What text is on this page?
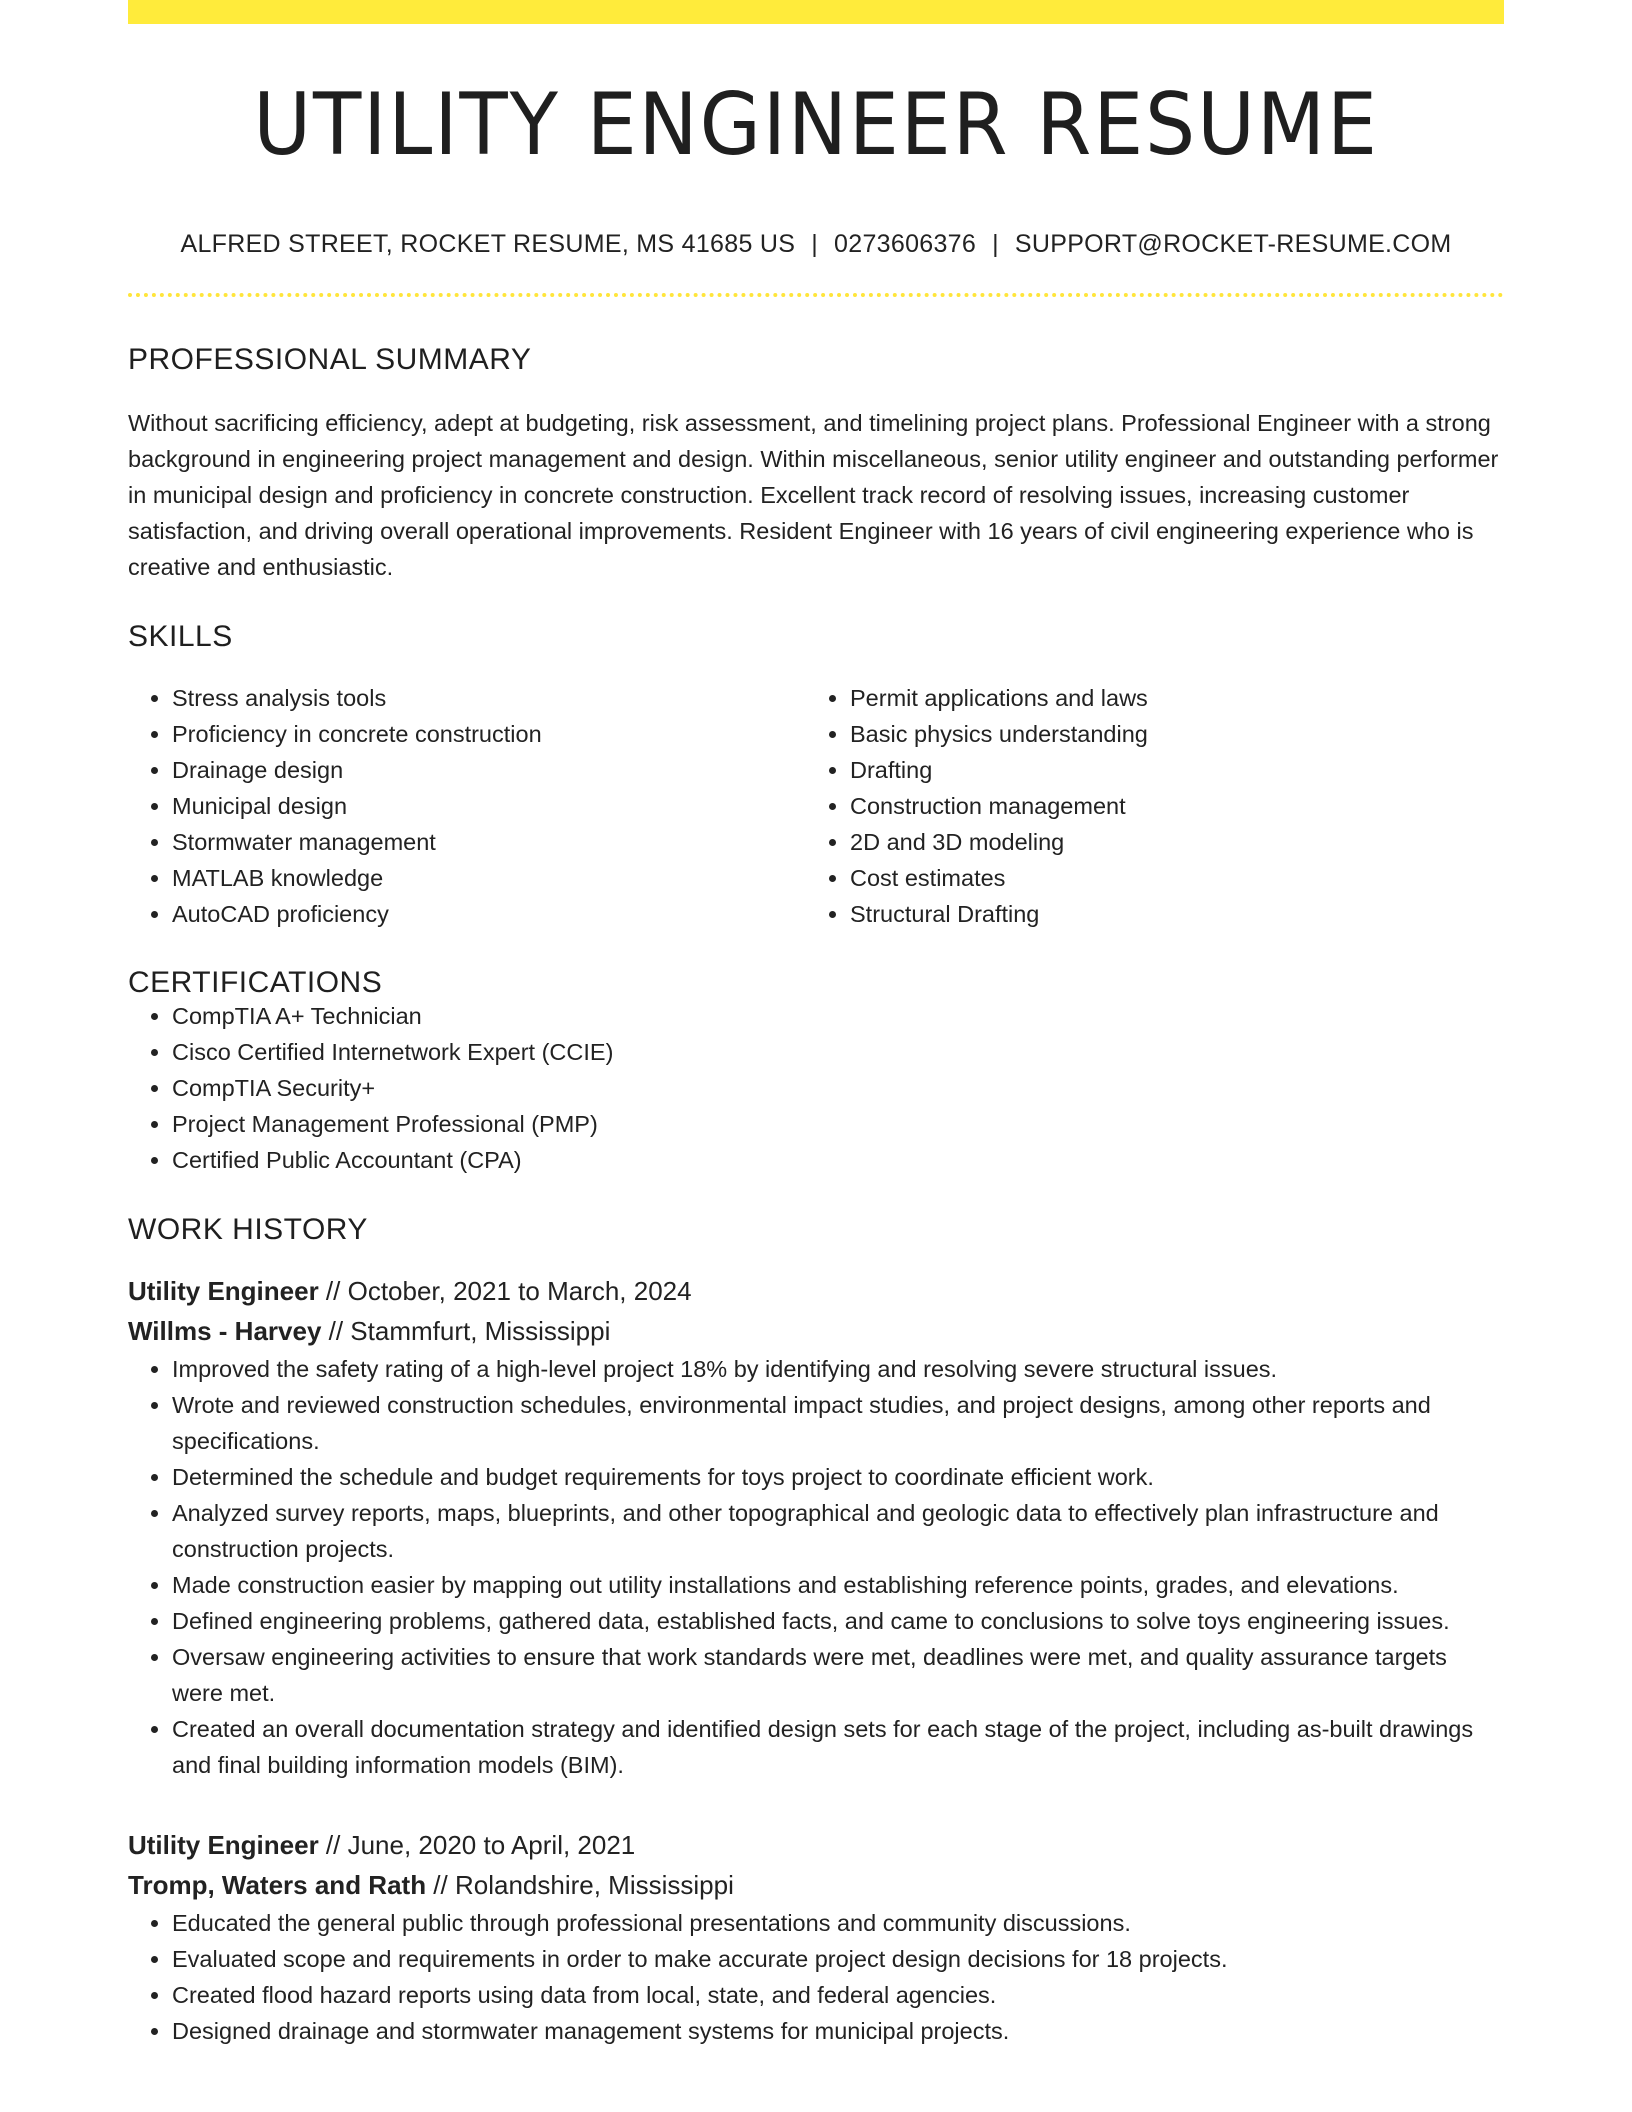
UTILITY ENGINEER RESUME
ALFRED STREET, ROCKET RESUME, MS 41685 US | 0273606376 | SUPPORT@ROCKET-RESUME.COM
PROFESSIONAL SUMMARY

Without sacrificing efficiency, adept at budgeting, risk assessment, and timelining project plans. Professional Engineer with a strong background in engineering project management and design. Within miscellaneous, senior utility engineer and outstanding performer in municipal design and proficiency in concrete construction. Excellent track record of resolving issues, increasing customer satisfaction, and driving overall operational improvements. Resident Engineer with 16 years of civil engineering experience who is creative and enthusiastic.

SKILLS
• Stress analysis tools
• Proficiency in concrete construction
• Drainage design
• Municipal design
• Stormwater management
• MATLAB knowledge
• AutoCAD proficiency
• Permit applications and laws
• Basic physics understanding
• Drafting
• Construction management
• 2D and 3D modeling
• Cost estimates
• Structural Drafting
CERTIFICATIONS
• CompTIA A+ Technician
• Cisco Certified Internetwork Expert (CCIE)
• CompTIA Security+
• Project Management Professional (PMP)
• Certified Public Accountant (CPA)
WORK HISTORY
Utility Engineer // October, 2021 to March, 2024
Willms - Harvey // Stammfurt, Mississippi
• Improved the safety rating of a high-level project 18% by identifying and resolving severe structural issues.
• Wrote and reviewed construction schedules, environmental impact studies, and project designs, among other reports and specifications.
• Determined the schedule and budget requirements for toys project to coordinate efficient work.
• Analyzed survey reports, maps, blueprints, and other topographical and geologic data to effectively plan infrastructure and construction projects.
• Made construction easier by mapping out utility installations and establishing reference points, grades, and elevations.
• Defined engineering problems, gathered data, established facts, and came to conclusions to solve toys engineering issues.
• Oversaw engineering activities to ensure that work standards were met, deadlines were met, and quality assurance targets were met.
• Created an overall documentation strategy and identified design sets for each stage of the project, including as-built drawings and final building information models (BIM).
Utility Engineer // June, 2020 to April, 2021
Tromp, Waters and Rath // Rolandshire, Mississippi
• Educated the general public through professional presentations and community discussions.
• Evaluated scope and requirements in order to make accurate project design decisions for 18 projects.
• Created flood hazard reports using data from local, state, and federal agencies.
• Designed drainage and stormwater management systems for municipal projects.
